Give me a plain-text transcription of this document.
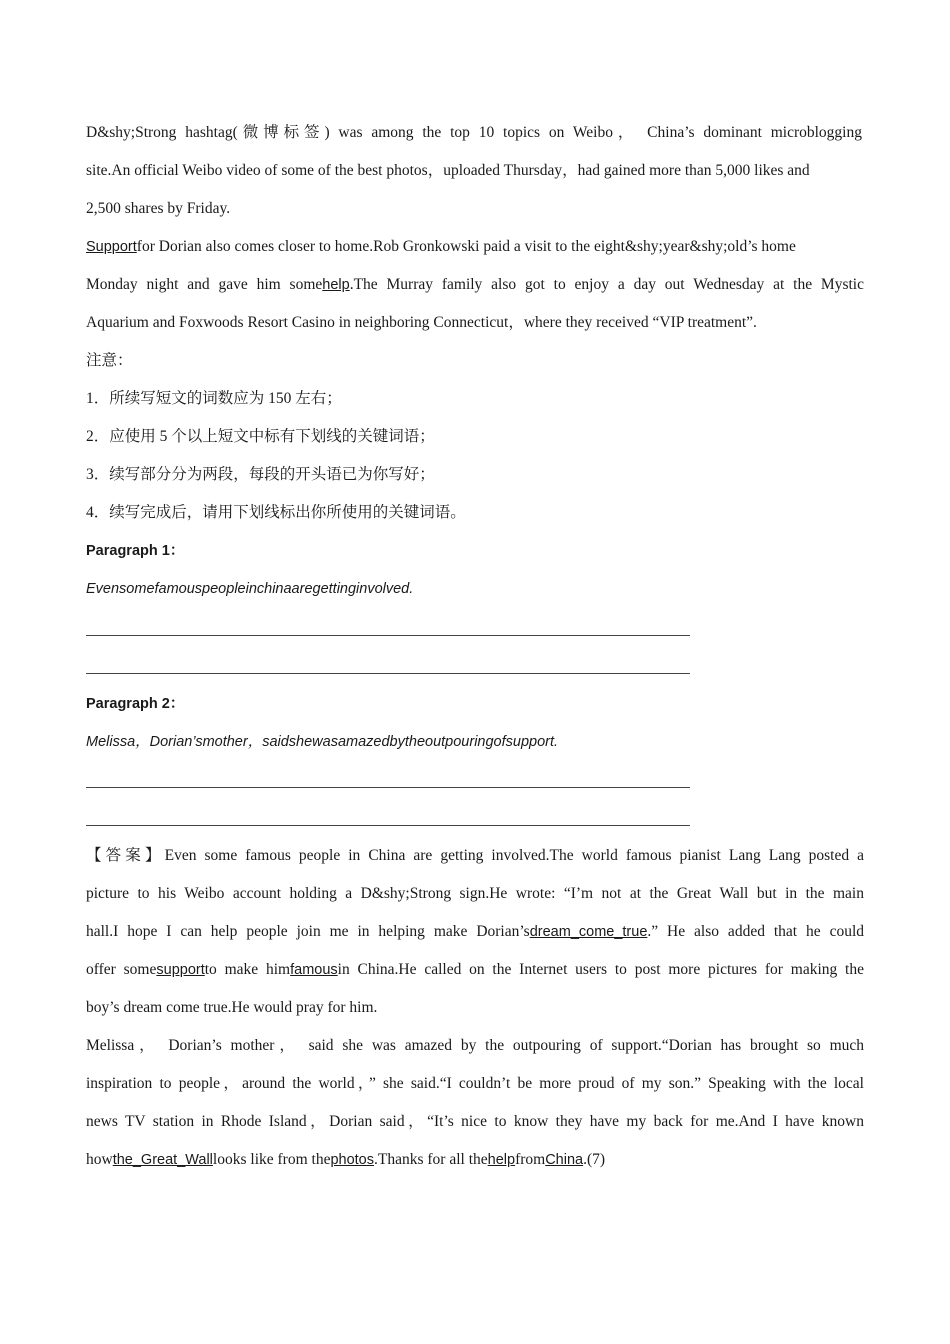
D&shy;Strong hashtag(微博标签) was among the top 10 topics on Weibo， China’s dominant microblogging

site.An official Weibo video of some of the best photos，uploaded Thursday，had gained more than 5,000 likes and

2,500 shares by Friday.

Supportfor Dorian also comes closer to home.Rob Gronkowski paid a visit to the eight&shy;year&shy;old’s home

Monday night and gave him somehelp.The Murray family also got to enjoy a day out Wednesday at the Mystic

Aquarium and Foxwoods Resort Casino in neighboring Connecticut，where they received “VIP treatment”.

注意：

1．所续写短文的词数应为 150 左右；

2．应使用 5 个以上短文中标有下划线的关键词语；

3．续写部分分为两段，每段的开头语已为你写好；

4．续写完成后，请用下划线标出你所使用的关键词语。

Paragraph 1：

Evensomefamouspeopleinchinaaregettinginvolved.

Paragraph 2：

Melissa，Dorian’smother，saidshewasamazedbytheoutpouringofsupport.

【答案】Even some famous people in China are getting involved.The world famous pianist Lang Lang posted a

picture to his Weibo account holding a D&shy;Strong sign.He wrote: “I’m not at the Great Wall but in the main

hall.I hope I can help people join me in helping make Dorian’sdream_come_true.” He also added that he could

offer somesupportto make himfamousin China.He called on the Internet users to post more pictures for making the

boy’s dream come true.He would pray for him.

Melissa， Dorian’s mother， said she was amazed by the outpouring of support.“Dorian has brought so much

inspiration to people，around the world，” she said.“I couldn’t be more proud of my son.” Speaking with the local

news TV station in Rhode Island，Dorian said，“It’s nice to know they have my back for me.And I have known

howthe_Great_Walllooks like from thephotos.Thanks for all thehelpfromChina.(7)
